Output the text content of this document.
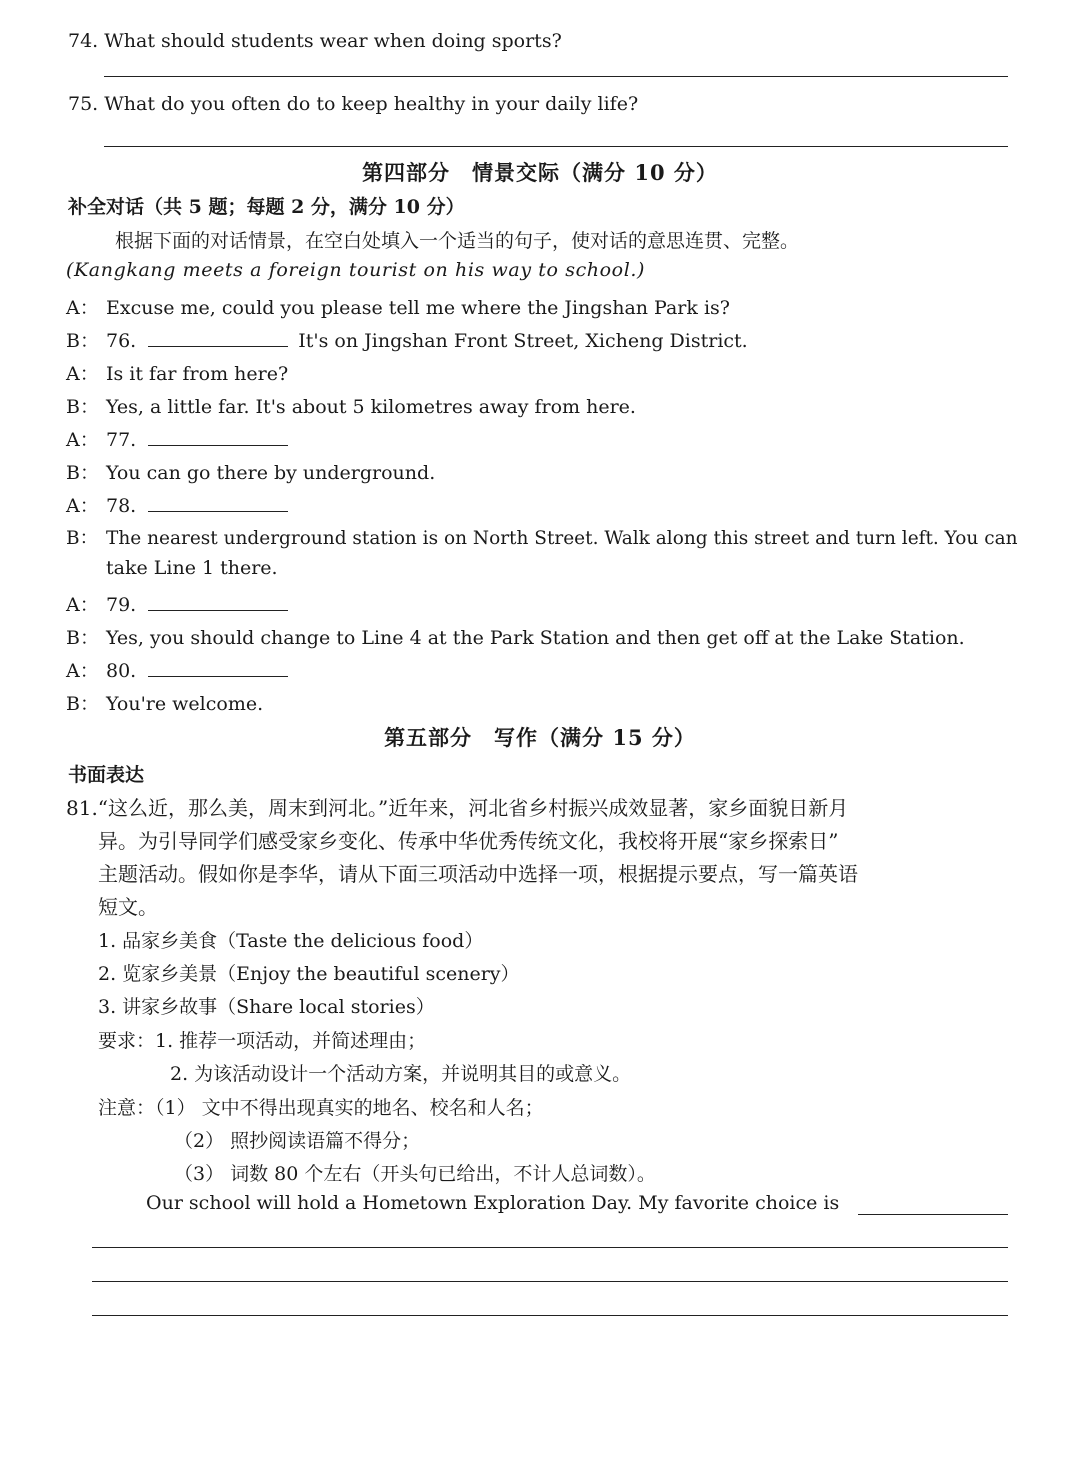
74. What should students wear when doing sports?
75. What do you often do to keep healthy in your daily life?
第四部分　情景交际（满分 10 分）
补全对话（共 5 题；每题 2 分，满分 10 分）
根据下面的对话情景，在空白处填入一个适当的句子，使对话的意思连贯、完整。
(Kangkang meets a foreign tourist on his way to school.)
A： Excuse me, could you please tell me where the Jingshan Park is?
B： 76.	It's on Jingshan Front Street, Xicheng District.
A： Is it far from here?
B： Yes, a little far. It's about 5 kilometres away from here.
A： 77.
B： You can go there by underground.
A： 78.
B： The nearest underground station is on North Street. Walk along this street and turn left. You can
take Line 1 there.
A： 79.
B： Yes, you should change to Line 4 at the Park Station and then get off at the Lake Station.
A： 80.
B： You're welcome.
第五部分　写作（满分 15 分）
书面表达
81.“这么近，那么美，周末到河北。”近年来，河北省乡村振兴成效显著，家乡面貌日新月
异。为引导同学们感受家乡变化、传承中华优秀传统文化，我校将开展“家乡探索日”
主题活动。假如你是李华，请从下面三项活动中选择一项，根据提示要点，写一篇英语
短文。
1. 品家乡美食（Taste the delicious food）
2. 览家乡美景（Enjoy the beautiful scenery）
3. 讲家乡故事（Share local stories）
要求：1. 推荐一项活动，并简述理由；
2. 为该活动设计一个活动方案，并说明其目的或意义。
注意：（1） 文中不得出现真实的地名、校名和人名；
（2） 照抄阅读语篇不得分；
（3） 词数 80 个左右（开头句已给出，不计人总词数）。
Our school will hold a Hometown Exploration Day. My favorite choice is
